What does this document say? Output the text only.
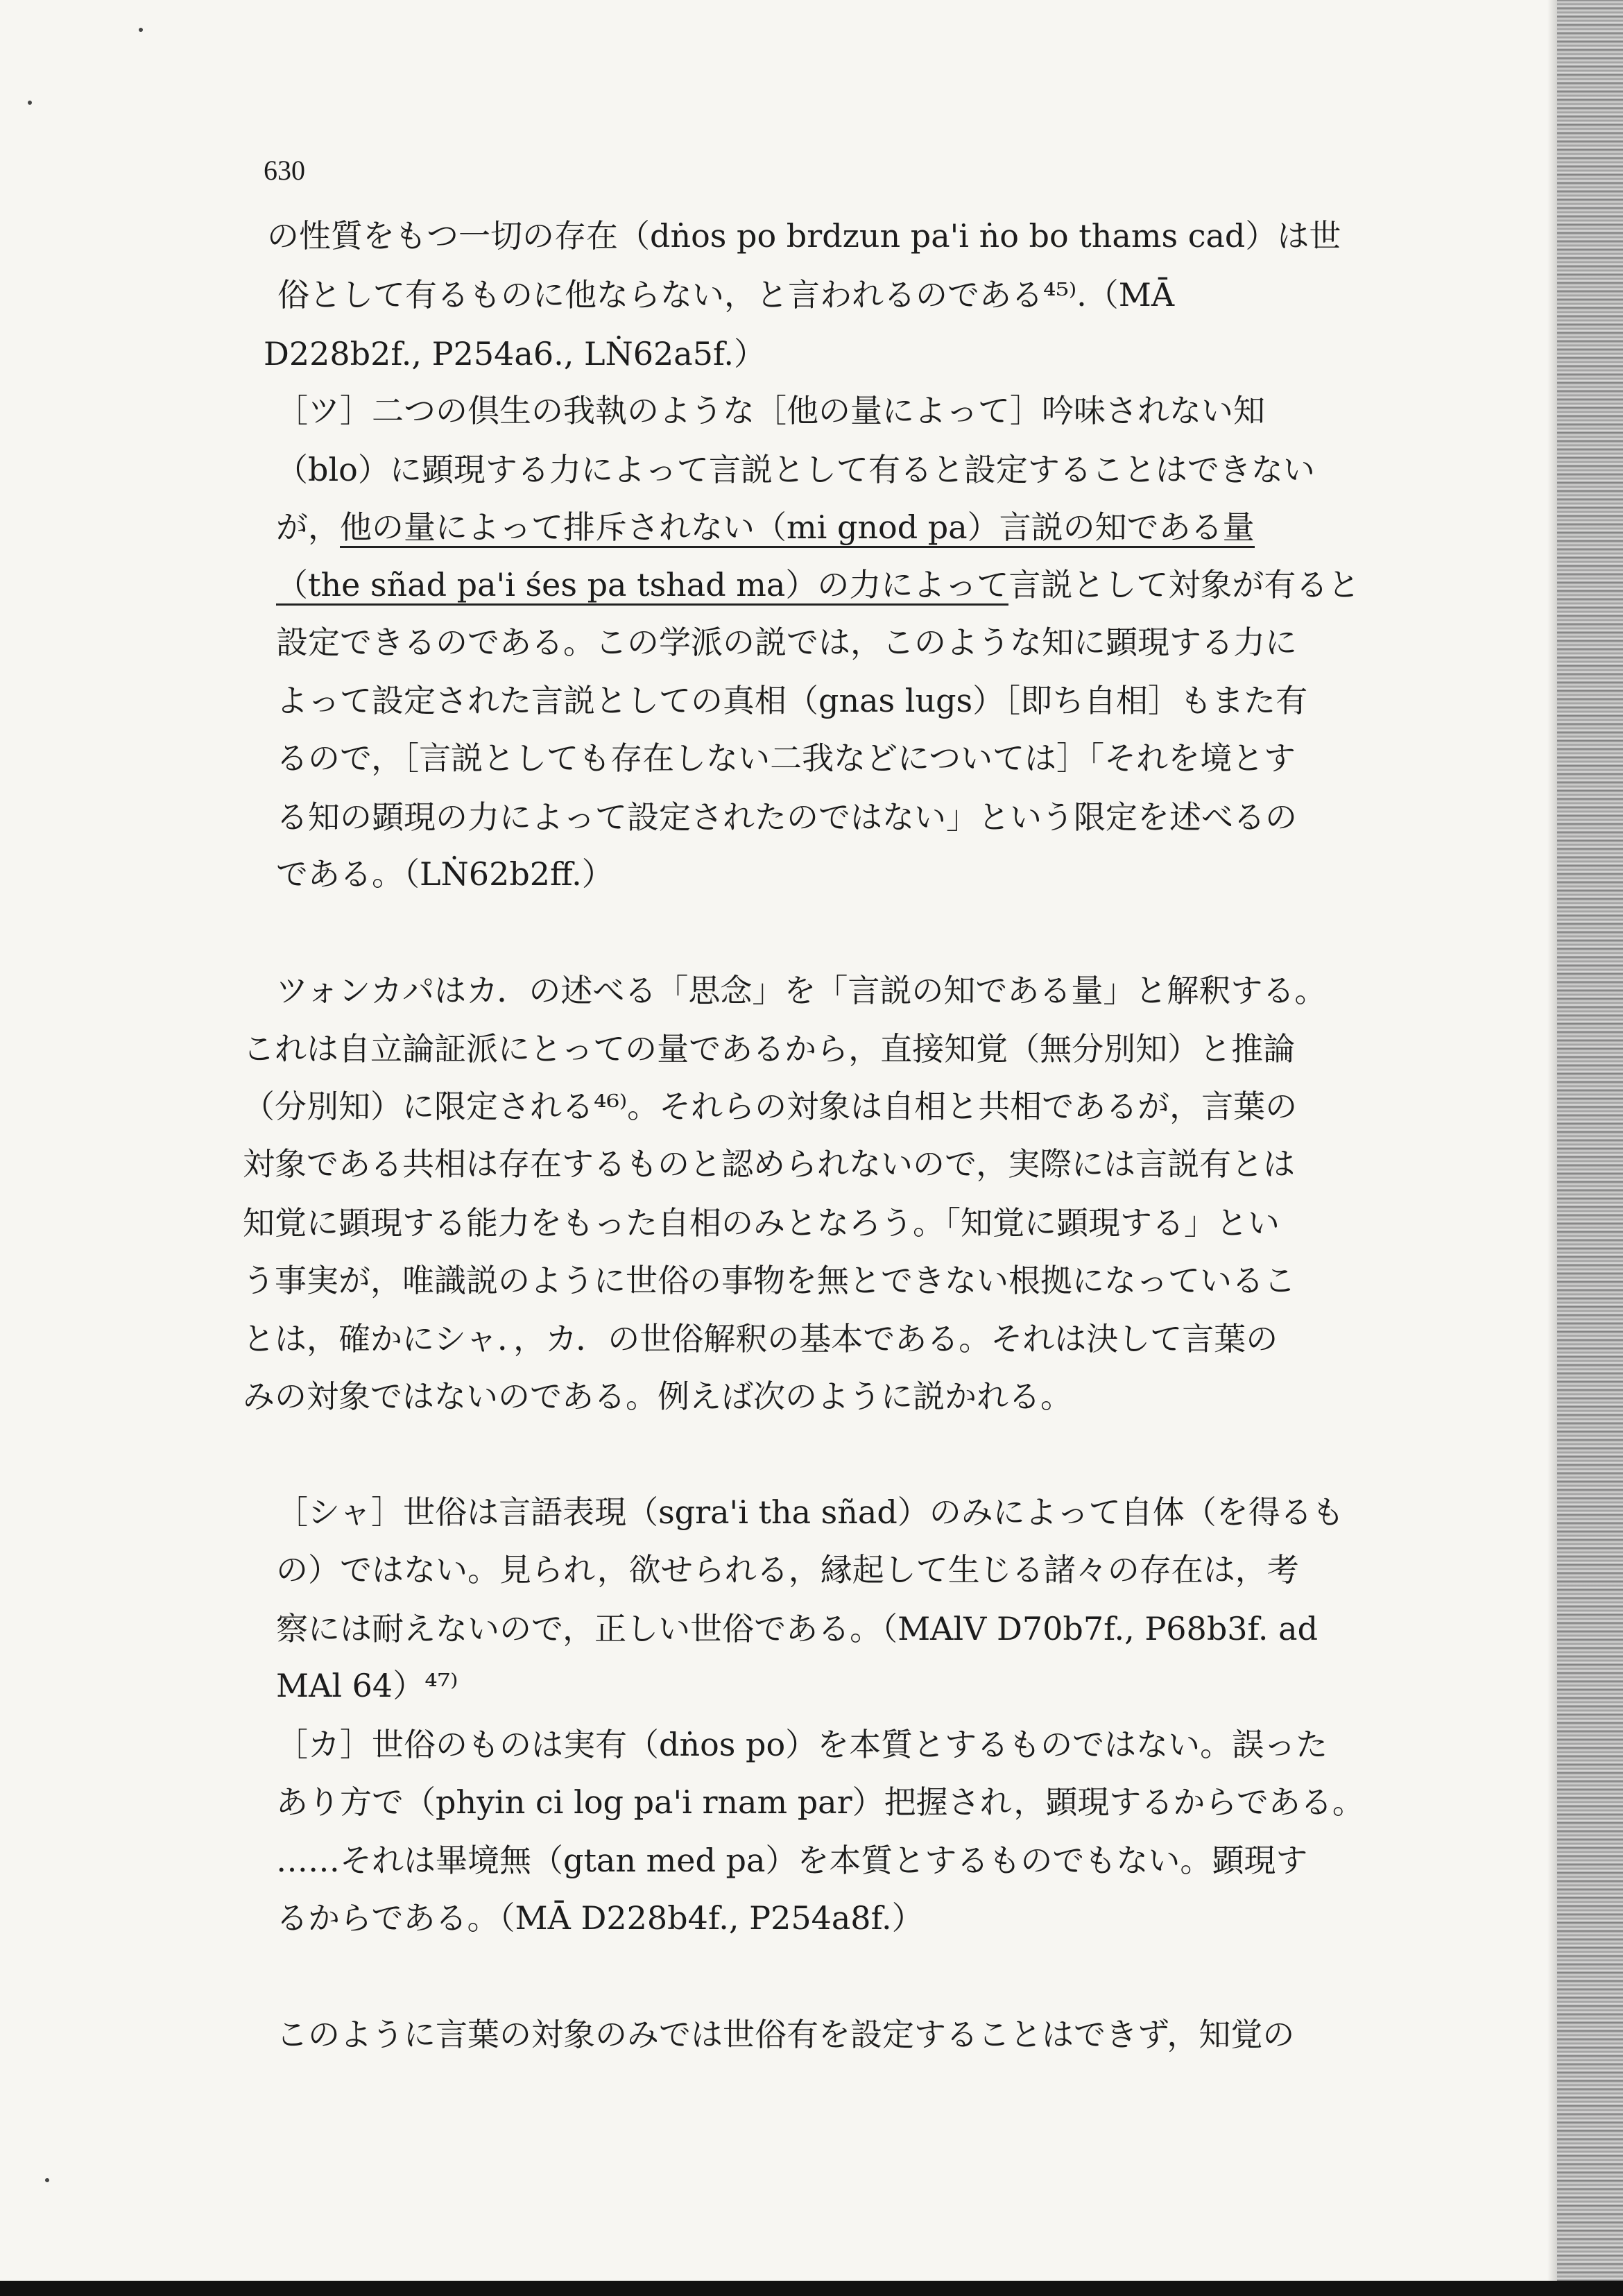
630
の性質をもつ一切の存在（dṅos po brdzun pa'i ṅo bo thams cad）は世
俗として有るものに他ならない，と言われるのである⁴⁵⁾.（MĀ
D228b2f., P254a6., LṄ62a5f.）
［ツ］二つの倶生の我執のような［他の量によって］吟味されない知
（blo）に顕現する力によって言説として有ると設定することはできない
が，他の量によって排斥されない（mi gnod pa）言説の知である量
（the sñad pa'i śes pa tshad ma）の力によって言説として対象が有ると
設定できるのである。この学派の説では，このような知に顕現する力に
よって設定された言説としての真相（gnas lugs）［即ち自相］もまた有
るので，［言説としても存在しない二我などについては］「それを境とす
る知の顕現の力によって設定されたのではない」という限定を述べるの
である。（LṄ62b2ff.）
ツォンカパはカ．の述べる「思念」を「言説の知である量」と解釈する。
これは自立論証派にとっての量であるから，直接知覚（無分別知）と推論
（分別知）に限定される⁴⁶⁾。それらの対象は自相と共相であるが，言葉の
対象である共相は存在するものと認められないので，実際には言説有とは
知覚に顕現する能力をもった自相のみとなろう。「知覚に顕現する」とい
う事実が，唯識説のように世俗の事物を無とできない根拠になっているこ
とは，確かにシャ．，カ．の世俗解釈の基本である。それは決して言葉の
みの対象ではないのである。例えば次のように説かれる。
［シャ］世俗は言語表現（sgra'i tha sñad）のみによって自体（を得るも
の）ではない。見られ，欲せられる，縁起して生じる諸々の存在は，考
察には耐えないので，正しい世俗である。（MAlV D70b7f., P68b3f. ad
MAl 64）⁴⁷⁾
［カ］世俗のものは実有（dṅos po）を本質とするものではない。誤った
あり方で（phyin ci log pa'i rnam par）把握され，顕現するからである。
……それは畢境無（gtan med pa）を本質とするものでもない。顕現す
るからである。（MĀ D228b4f., P254a8f.）
このように言葉の対象のみでは世俗有を設定することはできず，知覚の
